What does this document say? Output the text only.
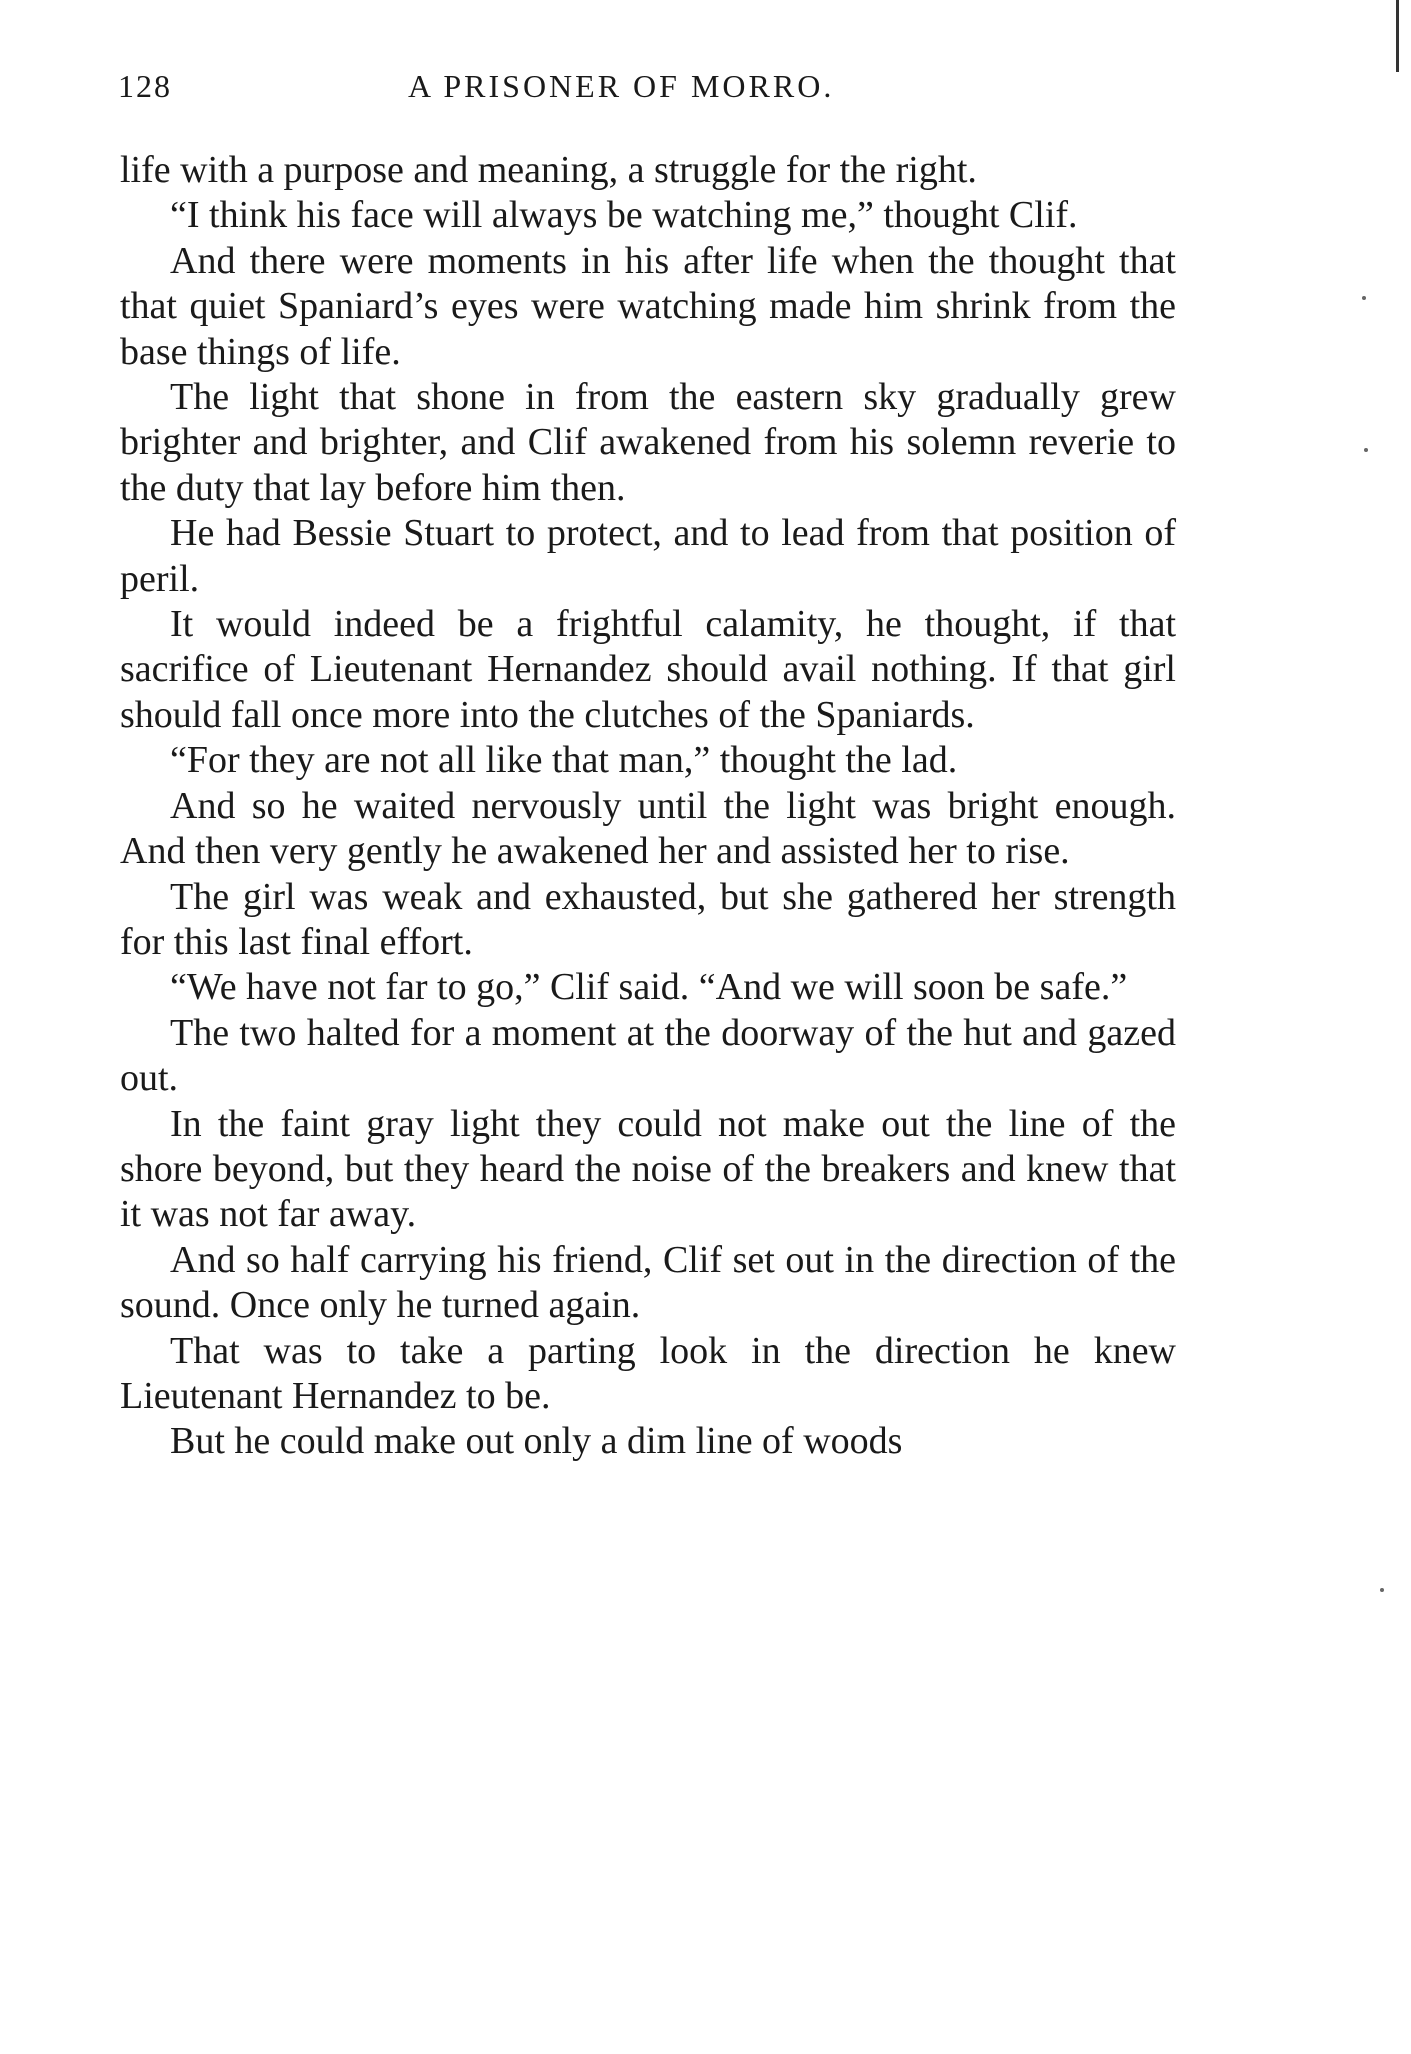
128	A PRISONER OF MORRO.

life with a purpose and meaning, a struggle for the right.

“I think his face will always be watching me,” thought Clif.

And there were moments in his after life when the thought that that quiet Spaniard’s eyes were watching made him shrink from the base things of life.

The light that shone in from the eastern sky gradually grew brighter and brighter, and Clif awakened from his solemn reverie to the duty that lay before him then.

He had Bessie Stuart to protect, and to lead from that position of peril.

It would indeed be a frightful calamity, he thought, if that sacrifice of Lieutenant Hernandez should avail nothing. If that girl should fall once more into the clutches of the Spaniards.

“For they are not all like that man,” thought the lad.

And so he waited nervously until the light was bright enough. And then very gently he awakened her and assisted her to rise.

The girl was weak and exhausted, but she gathered her strength for this last final effort.

“We have not far to go,” Clif said. “And we will soon be safe.”

The two halted for a moment at the doorway of the hut and gazed out.

In the faint gray light they could not make out the line of the shore beyond, but they heard the noise of the breakers and knew that it was not far away.

And so half carrying his friend, Clif set out in the direction of the sound. Once only he turned again.

That was to take a parting look in the direction he knew Lieutenant Hernandez to be.

But he could make out only a dim line of woods
